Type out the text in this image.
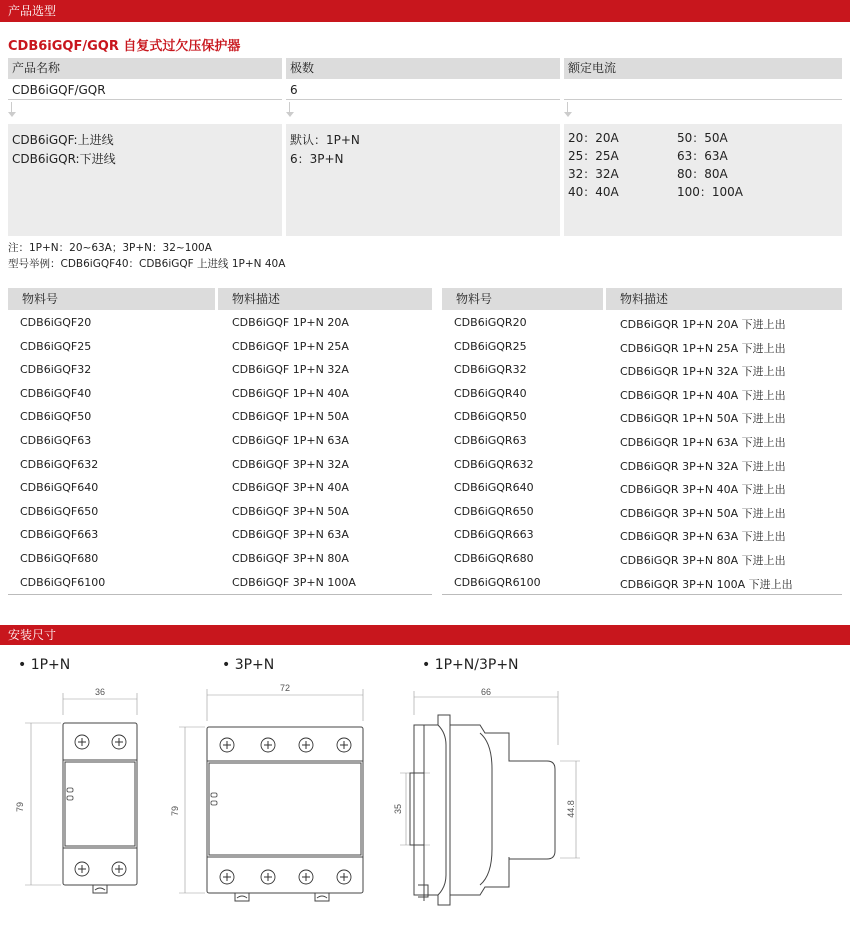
产品选型
CDB6iGQF/GQR 自复式过欠压保护器
产品名称	极数	额定电流
CDB6iGQF/GQR	6
CDB6iGQF:上进线
CDB6iGQR:下进线
默认：1P+N
6：3P+N
20：20A
25：25A
32：32A
40：40A
50：50A
63：63A
80：80A
100：100A
注：1P+N：20~63A；3P+N：32~100A
型号举例：CDB6iGQF40：CDB6iGQF 上进线 1P+N 40A
物料号	物料描述
CDB6iGQF20	CDB6iGQF 1P+N 20A
CDB6iGQF25	CDB6iGQF 1P+N 25A
CDB6iGQF32	CDB6iGQF 1P+N 32A
CDB6iGQF40	CDB6iGQF 1P+N 40A
CDB6iGQF50	CDB6iGQF 1P+N 50A
CDB6iGQF63	CDB6iGQF 1P+N 63A
CDB6iGQF632	CDB6iGQF 3P+N 32A
CDB6iGQF640	CDB6iGQF 3P+N 40A
CDB6iGQF650	CDB6iGQF 3P+N 50A
CDB6iGQF663	CDB6iGQF 3P+N 63A
CDB6iGQF680	CDB6iGQF 3P+N 80A
CDB6iGQF6100	CDB6iGQF 3P+N 100A
物料号	物料描述
CDB6iGQR20	CDB6iGQR 1P+N 20A 下进上出
CDB6iGQR25	CDB6iGQR 1P+N 25A 下进上出
CDB6iGQR32	CDB6iGQR 1P+N 32A 下进上出
CDB6iGQR40	CDB6iGQR 1P+N 40A 下进上出
CDB6iGQR50	CDB6iGQR 1P+N 50A 下进上出
CDB6iGQR63	CDB6iGQR 1P+N 63A 下进上出
CDB6iGQR632	CDB6iGQR 3P+N 32A 下进上出
CDB6iGQR640	CDB6iGQR 3P+N 40A 下进上出
CDB6iGQR650	CDB6iGQR 3P+N 50A 下进上出
CDB6iGQR663	CDB6iGQR 3P+N 63A 下进上出
CDB6iGQR680	CDB6iGQR 3P+N 80A 下进上出
CDB6iGQR6100	CDB6iGQR 3P+N 100A 下进上出
安装尺寸
• 1P+N	• 3P+N	• 1P+N/3P+N
36
79
72
79
66
35	44.8
